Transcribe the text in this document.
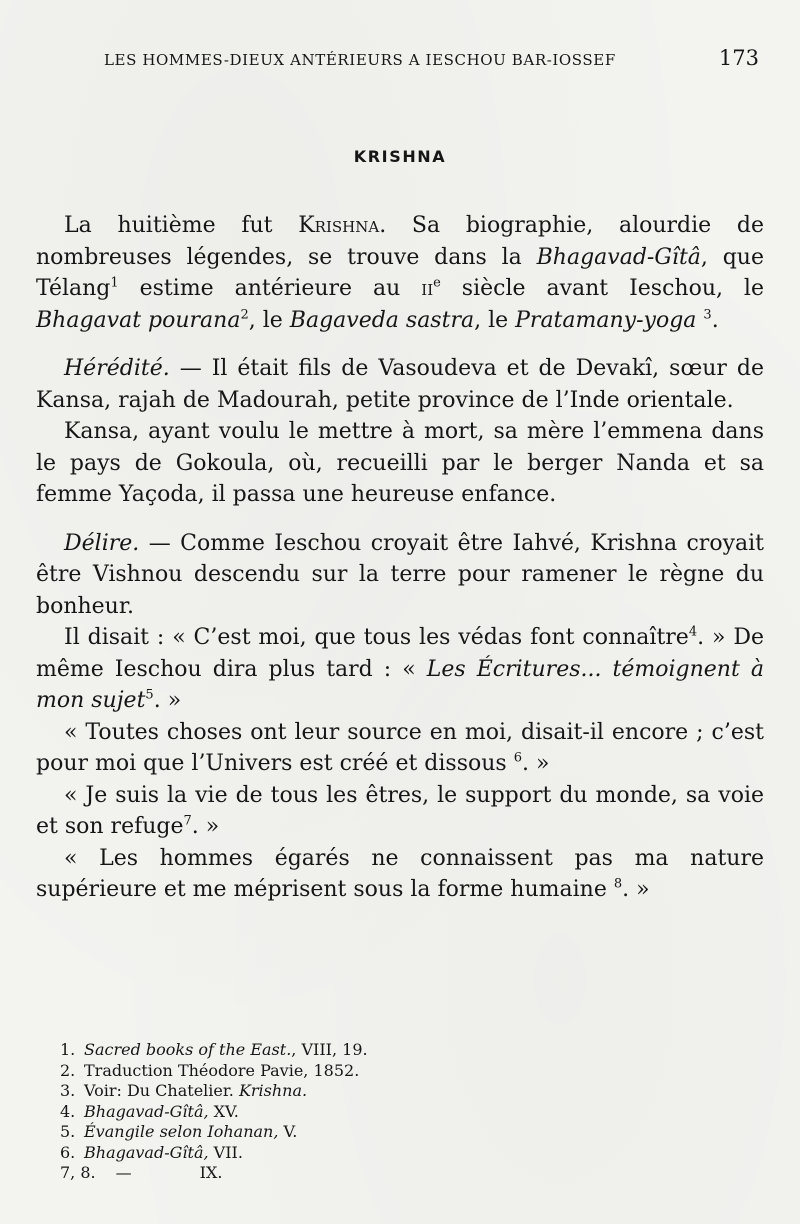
LES HOMMES-DIEUX ANTÉRIEURS A IESCHOU BAR-IOSSEF	173
KRISHNA

La huitième fut Krishna. Sa biographie, alourdie de nombreuses légendes, se trouve dans la Bhagavad-Gîtâ, que Télang$^1$ estime antérieure au $ii^e$ siècle avant Ieschou, le Bhagavat pourana$^2$, le Bagaveda sastra, le Pratamany-yoga $^3$.

Hérédité. — Il était fils de Vasoudeva et de Devakî, sœur de Kansa, rajah de Madourah, petite province de l’Inde orientale.

Kansa, ayant voulu le mettre à mort, sa mère l’emmena dans le pays de Gokoula, où, recueilli par le berger Nanda et sa femme Yaçoda, il passa une heureuse enfance.

Délire. — Comme Ieschou croyait être Iahvé, Krishna croyait être Vishnou descendu sur la terre pour ramener le règne du bonheur.

Il disait : « C’est moi, que tous les védas font connaître$^4$. » De même Ieschou dira plus tard : « Les Écritures... témoignent à mon sujet$^5$. »

« Toutes choses ont leur source en moi, disait-il encore ; c’est pour moi que l’Univers est créé et dissous $^6$. »

« Je suis la vie de tous les êtres, le support du monde, sa voie et son refuge$^7$. »

« Les hommes égarés ne connaissent pas ma nature supérieure et me méprisent sous la forme humaine $^8$. »

1. Sacred books of the East., VIII, 19.
2. Traduction Théodore Pavie, 1852.
3. Voir: Du Chatelier. Krishna.
4. Bhagavad-Gîtâ, XV.
5. Évangile selon Iohanan, V.
6. Bhagavad-Gîtâ, VII.
7, 8. —	IX.
